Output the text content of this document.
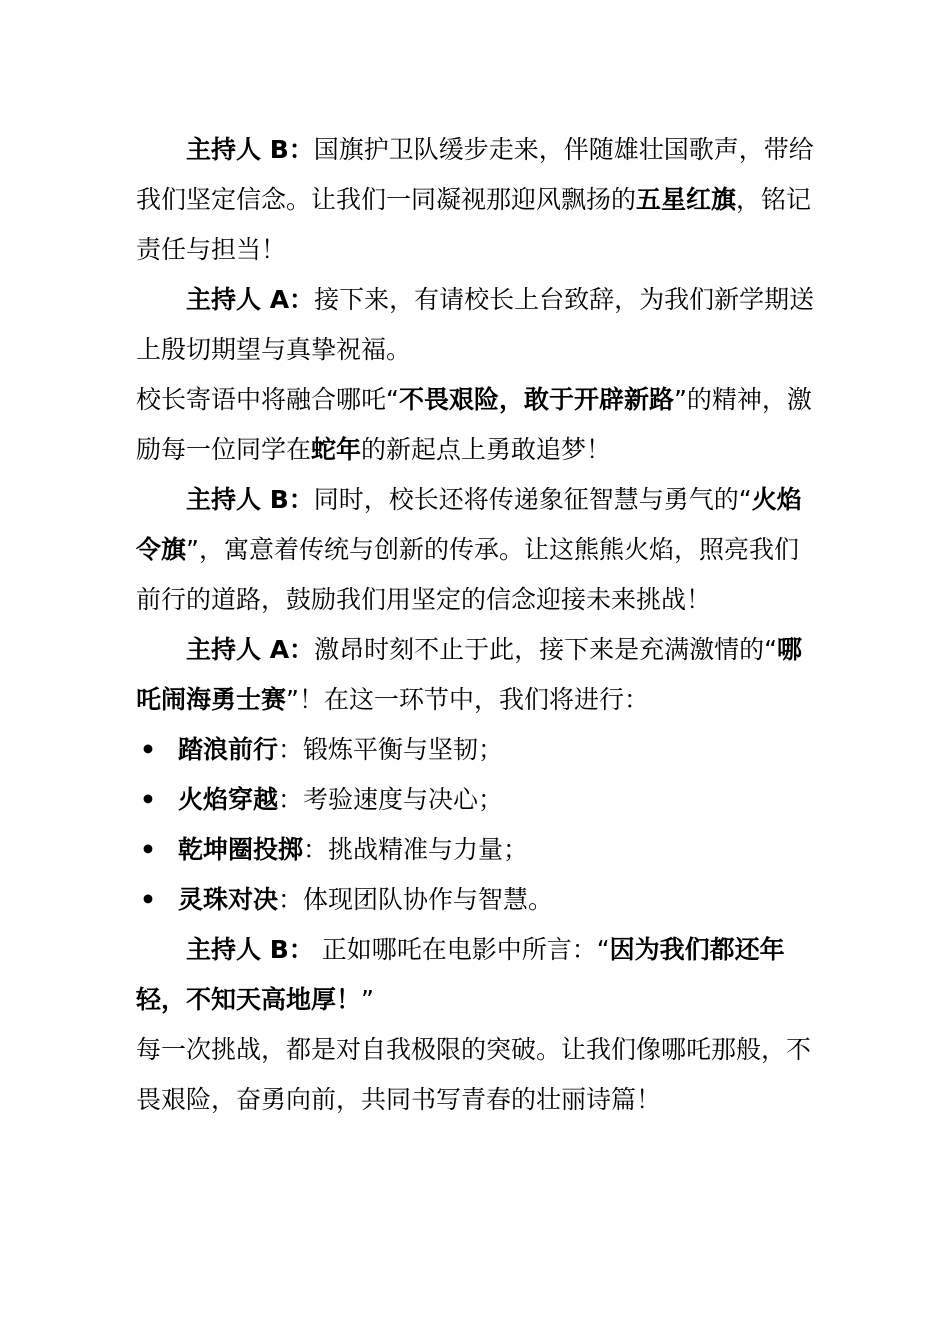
主持人 B：国旗护卫队缓步走来，伴随雄壮国歌声，带给我们坚定信念。让我们一同凝视那迎风飘扬的五星红旗，铭记责任与担当！

主持人 A：接下来，有请校长上台致辞，为我们新学期送上殷切期望与真挚祝福。

校长寄语中将融合哪吒“不畏艰险，敢于开辟新路”的精神，激励每一位同学在蛇年的新起点上勇敢追梦！

主持人 B：同时，校长还将传递象征智慧与勇气的“火焰令旗”，寓意着传统与创新的传承。让这熊熊火焰，照亮我们前行的道路，鼓励我们用坚定的信念迎接未来挑战！

主持人 A：激昂时刻不止于此，接下来是充满激情的“哪吒闹海勇士赛”！在这一环节中，我们将进行：

• 踏浪前行：锻炼平衡与坚韧；
• 火焰穿越：考验速度与决心；
• 乾坤圈投掷：挑战精准与力量；
• 灵珠对决：体现团队协作与智慧。

主持人 B： 正如哪吒在电影中所言：“因为我们都还年轻，不知天高地厚！”

每一次挑战，都是对自我极限的突破。让我们像哪吒那般，不畏艰险，奋勇向前，共同书写青春的壮丽诗篇！
